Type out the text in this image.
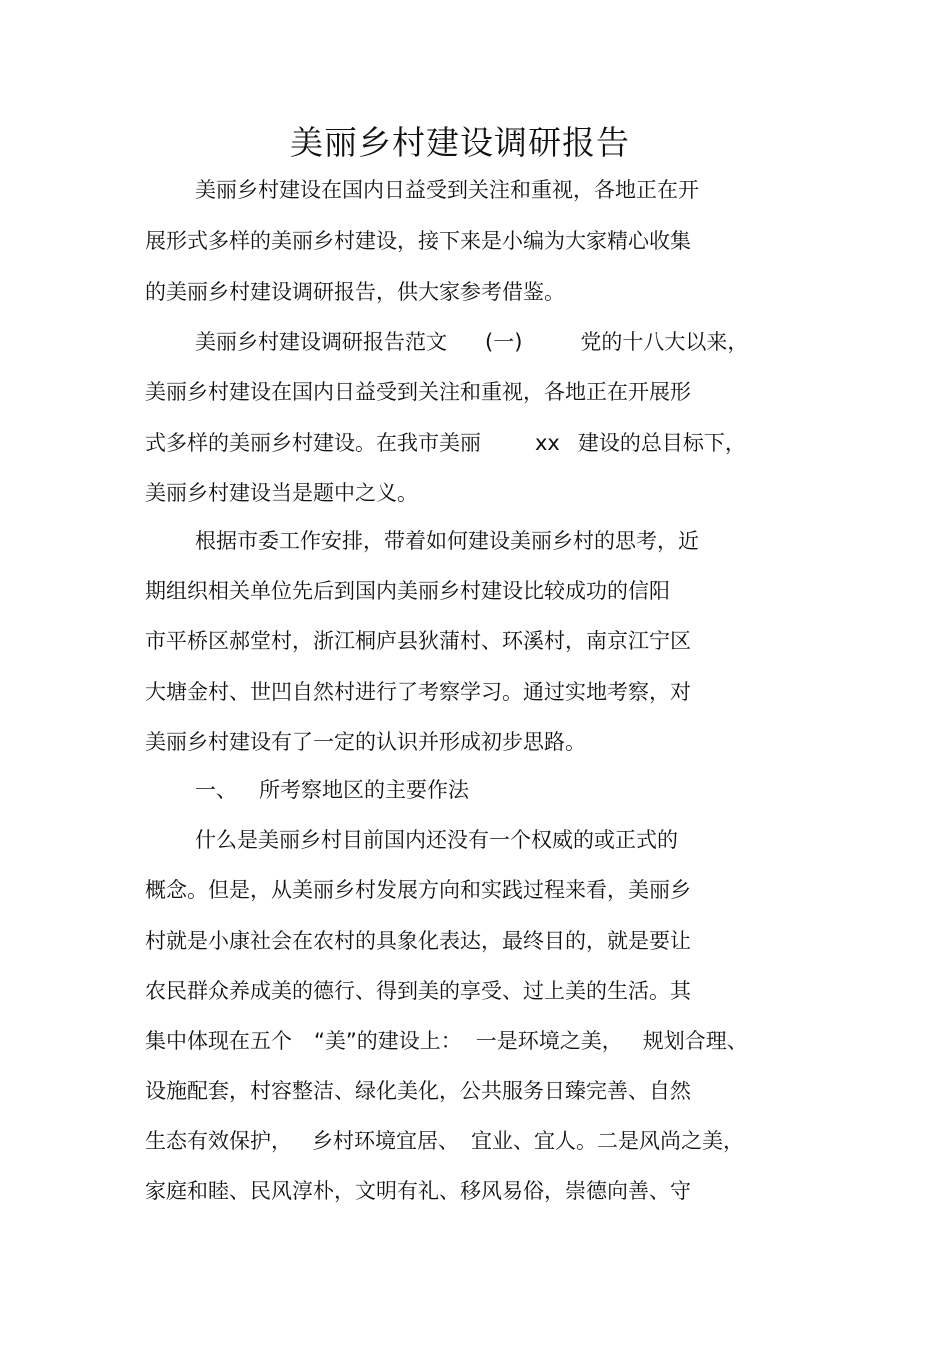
美丽乡村建设调研报告
美丽乡村建设在国内日益受到关注和重视，各地正在开
展形式多样的美丽乡村建设，接下来是小编为大家精心收集
的美丽乡村建设调研报告，供大家参考借鉴。
美丽乡村建设调研报告范文 (一)	党的十八大以来，
美丽乡村建设在国内日益受到关注和重视，各地正在开展形
式多样的美丽乡村建设。在我市美丽	xx 建设的总目标下，
美丽乡村建设当是题中之义。
根据市委工作安排，带着如何建设美丽乡村的思考，近
期组织相关单位先后到国内美丽乡村建设比较成功的信阳
市平桥区郝堂村，浙江桐庐县狄蒲村、环溪村，南京江宁区
大塘金村、世凹自然村进行了考察学习。通过实地考察，对
美丽乡村建设有了一定的认识并形成初步思路。
一、 所考察地区的主要作法
什么是美丽乡村目前国内还没有一个权威的或正式的
概念。但是，从美丽乡村发展方向和实践过程来看，美丽乡
村就是小康社会在农村的具象化表达，最终目的，就是要让
农民群众养成美的德行、得到美的享受、过上美的生活。其
集中体现在五个 “美”的建设上： 一是环境之美， 规划合理、
设施配套，村容整洁、绿化美化，公共服务日臻完善、自然
生态有效保护， 乡村环境宜居、 宜业、宜人。二是风尚之美，
家庭和睦、民风淳朴，文明有礼、移风易俗，崇德向善、守
